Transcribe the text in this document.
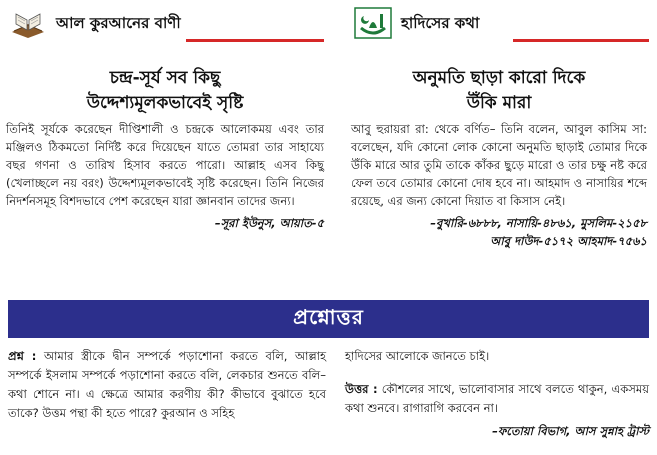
আল কুরআনের বাণী
চন্দ্র-সূর্য সব কিছু
উদ্দেশ্যমূলকভাবেই সৃষ্টি
তিনিই সূর্যকে করেছেন দীপ্তিশালী ও চন্দ্রকে আলোকময় এবং তার মঞ্জিলও ঠিকমতো নির্দিষ্ট করে দিয়েছেন যাতে তোমরা তার সাহায্যে বছর গণনা ও তারিখ হিসাব করতে পারো। আল্লাহ এসব কিছু (খেলাচ্ছলে নয় বরং) উদ্দেশ্যমূলকভাবেই সৃষ্টি করেছেন। তিনি নিজের নিদর্শনসমূহ বিশদভাবে পেশ করেছেন যারা জ্ঞানবান তাদের জন্য।
–সূরা ইউনুস, আয়াত-৫
হাদিসের কথা
অনুমতি ছাড়া কারো দিকে
উঁকি মারা
আবু হুরায়রা রা: থেকে বর্ণিত– তিনি বলেন, আবুল কাসিম সা: বলেছেন, যদি কোনো লোক কোনো অনুমতি ছাড়াই তোমার দিকে উঁকি মারে আর তুমি তাকে কাঁকর ছুড়ে মারো ও তার চক্ষু নষ্ট করে ফেল তবে তোমার কোনো দোষ হবে না। আহমাদ ও নাসায়ির শব্দে রয়েছে, এর জন্য কোনো দিয়াত বা কিসাস নেই।
–বুখারি-৬৮৮৮, নাসায়ি-৪৮৬১, মুসলিম-২১৫৮
আবু দাউদ-৫১৭২ আহমাদ-৭৫৬১
প্রশ্নোত্তর
প্রশ্ন : আমার স্ত্রীকে দ্বীন সম্পর্কে পড়াশোনা করতে বলি, আল্লাহ সম্পর্কে ইসলাম সম্পর্কে পড়াশোনা করতে বলি, লেকচার শুনতে বলি– কথা শোনে না। এ ক্ষেত্রে আমার করণীয় কী? কীভাবে বুঝাতে হবে তাকে? উত্তম পন্থা কী হতে পারে? কুরআন ও সহিহ
হাদিসের আলোকে জানতে চাই।
উত্তর : কৌশলের সাথে, ভালোবাসার সাথে বলতে থাকুন, একসময় কথা শুনবে। রাগারাগি করবেন না।
–ফতোয়া বিভাগ, আস সুন্নাহ ট্রাস্ট
